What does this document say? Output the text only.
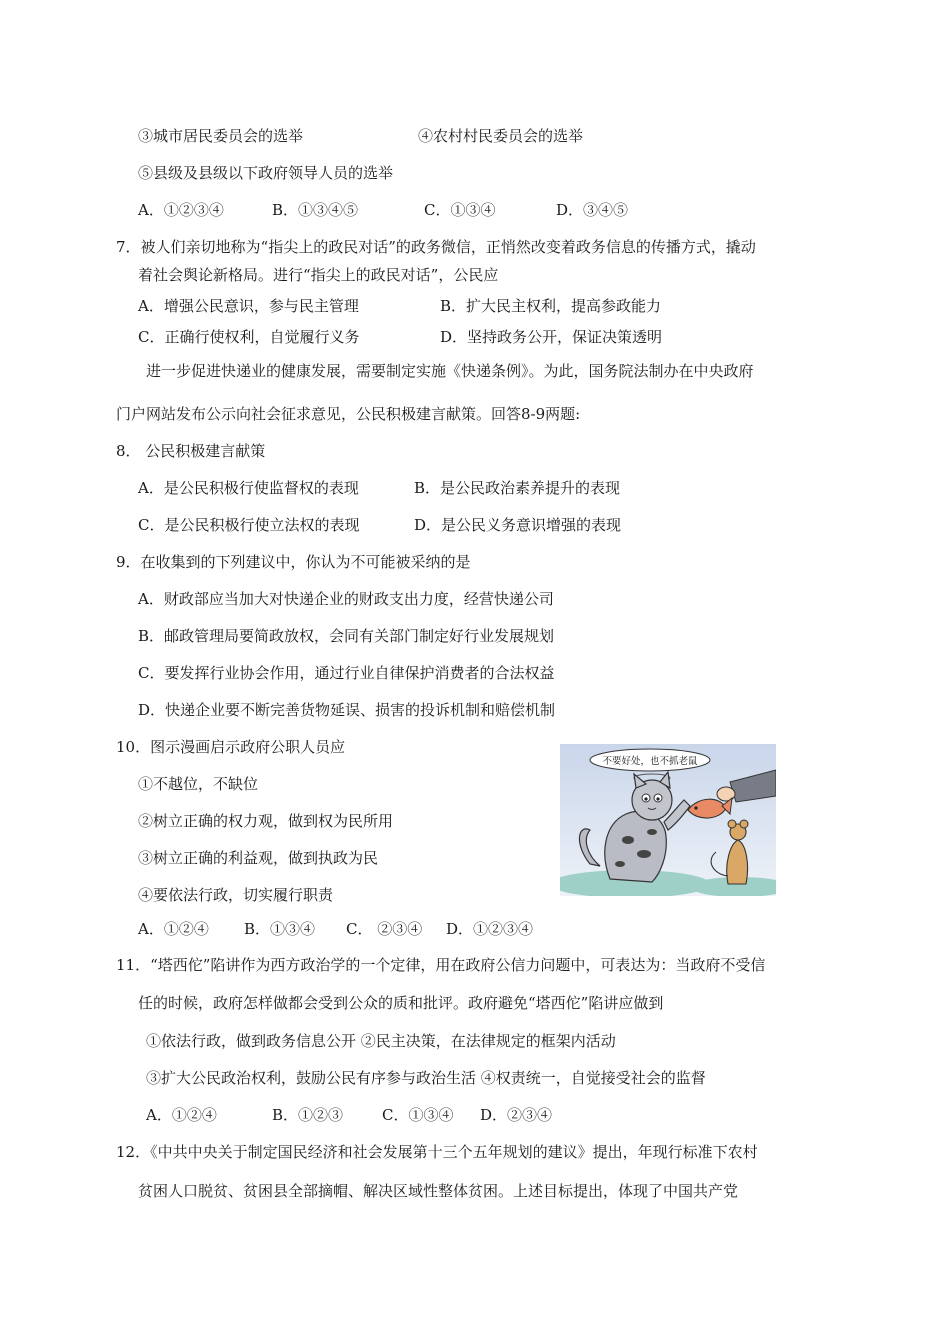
③城市居民委员会的选举	④农村村民委员会的选举
⑤县级及县级以下政府领导人员的选举
A．①②③④	B．①③④⑤	C．①③④	D．③④⑤
7．被人们亲切地称为“指尖上的政民对话”的政务微信，正悄然改变着政务信息的传播方式，撬动
着社会舆论新格局。进行“指尖上的政民对话”，公民应
A．增强公民意识，参与民主管理	B．扩大民主权利，提高参政能力
C．正确行使权利，自觉履行义务	D．坚持政务公开，保证决策透明
进一步促进快递业的健康发展，需要制定实施《快递条例》。为此，国务院法制办在中央政府
门户网站发布公示向社会征求意见，公民积极建言献策。回答8-9两题:
8． 公民积极建言献策
A．是公民积极行使监督权的表现	B．是公民政治素养提升的表现
C．是公民积极行使立法权的表现	D．是公民义务意识增强的表现
9．在收集到的下列建议中，你认为不可能被采纳的是
A．财政部应当加大对快递企业的财政支出力度，经营快递公司
B．邮政管理局要简政放权，会同有关部门制定好行业发展规划
C．要发挥行业协会作用，通过行业自律保护消费者的合法权益
D．快递企业要不断完善货物延误、损害的投诉机制和赔偿机制
10．图示漫画启示政府公职人员应
①不越位，不缺位
②树立正确的权力观，做到权为民所用
③树立正确的利益观，做到执政为民
④要依法行政，切实履行职责
A．①②④ B．①③④ C． ②③④ D．①②③④
不要好处，也不抓老鼠
11．“塔西佗”陷讲作为西方政治学的一个定律，用在政府公信力问题中，可表达为：当政府不受信
任的时候，政府怎样做都会受到公众的质和批评。政府避免“塔西佗”陷讲应做到
①依法行政，做到政务信息公开 ②民主决策，在法律规定的框架内活动
③扩大公民政治权利，鼓励公民有序参与政治生活 ④权责统一，自觉接受社会的监督
A．①②④	B．①②③	C．①③④ D．②③④
12．《中共中央关于制定国民经济和社会发展第十三个五年规划的建议》提出，年现行标准下农村
贫困人口脱贫、贫困县全部摘帽、解决区域性整体贫困。上述目标提出，体现了中国共产党
